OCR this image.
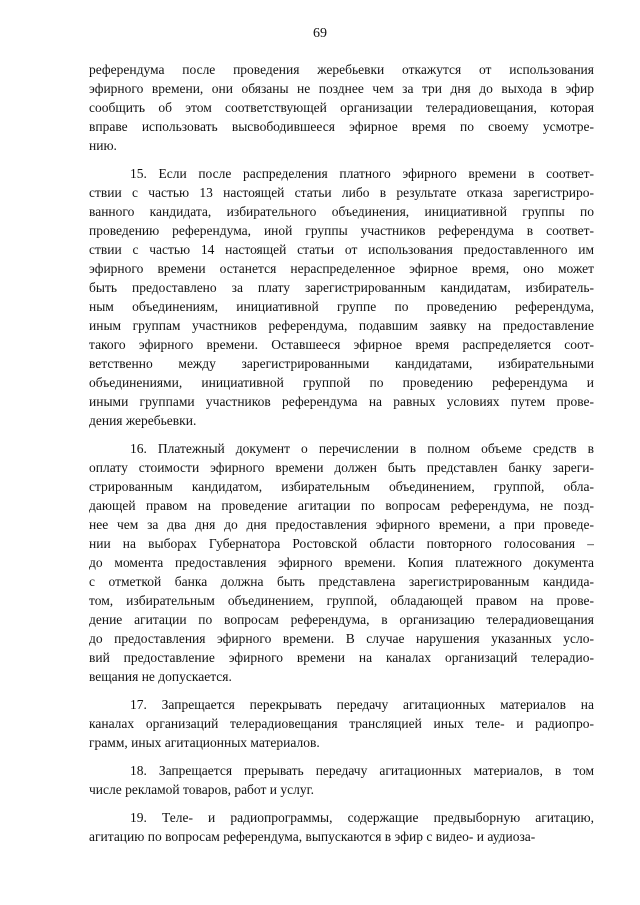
69
референдума после проведения жеребьевки откажутся от использования
эфирного времени, они обязаны не позднее чем за три дня до выхода в эфир
сообщить об этом соответствующей организации телерадиовещания, которая
вправе использовать высвободившееся эфирное время по своему усмотре-
нию.
15. Если после распределения платного эфирного времени в соответ-
ствии с частью 13 настоящей статьи либо в результате отказа зарегистриро-
ванного кандидата, избирательного объединения, инициативной группы по
проведению референдума, иной группы участников референдума в соответ-
ствии с частью 14 настоящей статьи от использования предоставленного им
эфирного времени останется нераспределенное эфирное время, оно может
быть предоставлено за плату зарегистрированным кандидатам, избиратель-
ным объединениям, инициативной группе по проведению референдума,
иным группам участников референдума, подавшим заявку на предоставление
такого эфирного времени. Оставшееся эфирное время распределяется соот-
ветственно между зарегистрированными кандидатами, избирательными
объединениями, инициативной группой по проведению референдума и
иными группами участников референдума на равных условиях путем прове-
дения жеребьевки.
16. Платежный документ о перечислении в полном объеме средств в
оплату стоимости эфирного времени должен быть представлен банку зареги-
стрированным кандидатом, избирательным объединением, группой, обла-
дающей правом на проведение агитации по вопросам референдума, не позд-
нее чем за два дня до дня предоставления эфирного времени, а при проведе-
нии на выборах Губернатора Ростовской области повторного голосования –
до момента предоставления эфирного времени. Копия платежного документа
с отметкой банка должна быть представлена зарегистрированным кандида-
том, избирательным объединением, группой, обладающей правом на прове-
дение агитации по вопросам референдума, в организацию телерадиовещания
до предоставления эфирного времени. В случае нарушения указанных усло-
вий предоставление эфирного времени на каналах организаций телерадио-
вещания не допускается.
17. Запрещается перекрывать передачу агитационных материалов на
каналах организаций телерадиовещания трансляцией иных теле- и радиопро-
грамм, иных агитационных материалов.
18. Запрещается прерывать передачу агитационных материалов, в том
числе рекламой товаров, работ и услуг.
19. Теле- и радиопрограммы, содержащие предвыборную агитацию,
агитацию по вопросам референдума, выпускаются в эфир с видео- и аудиоза-
